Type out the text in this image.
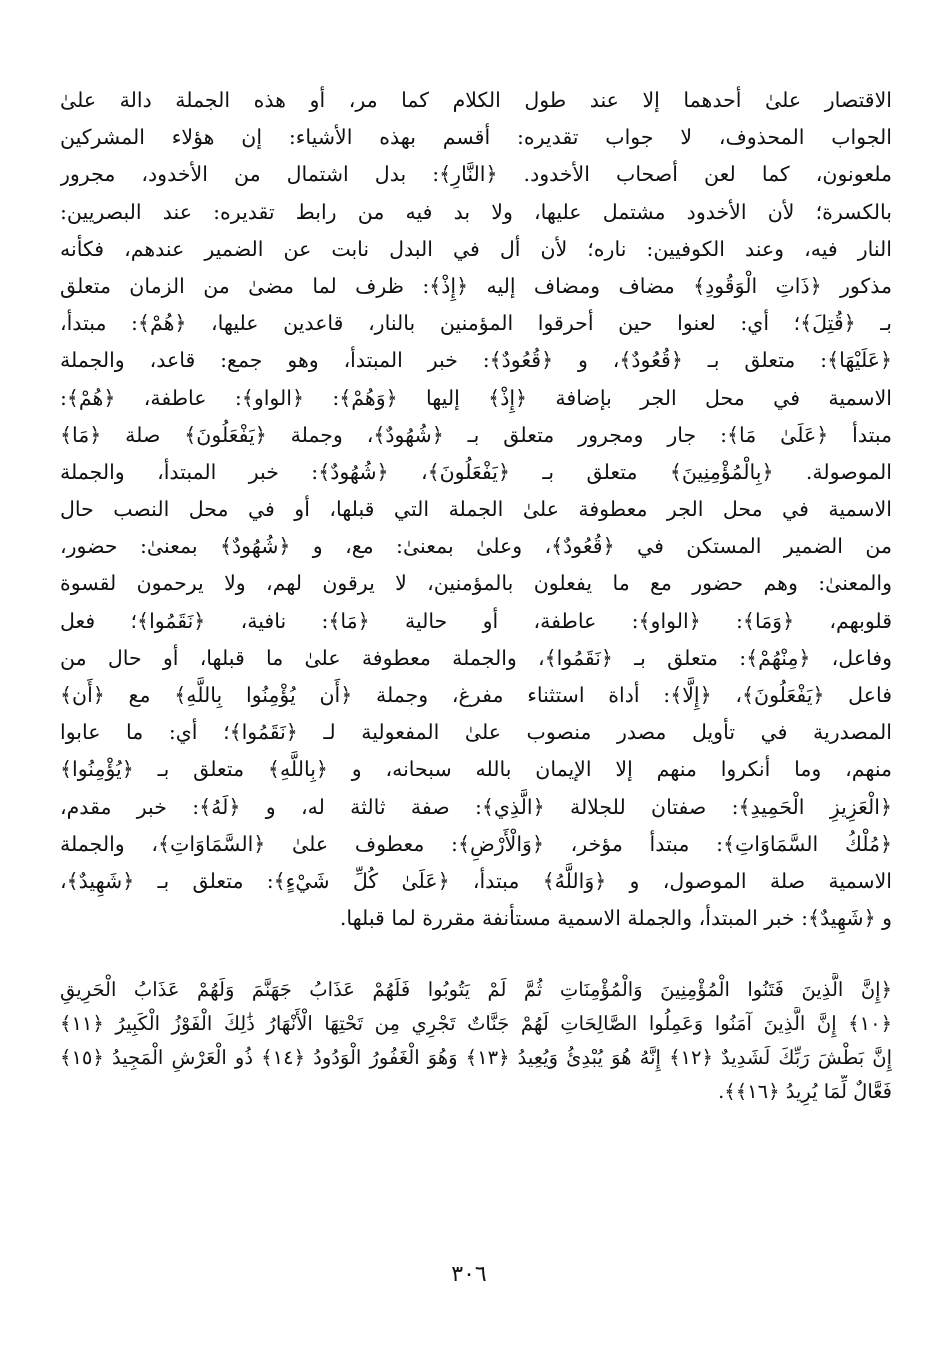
الاقتصار علىٰ أحدهما إلا عند طول الكلام كما مر، أو هذه الجملة دالة علىٰ
الجواب المحذوف، لا جواب تقديره: أقسم بهذه الأشياء: إن هؤلاء المشركين
ملعونون، كما لعن أصحاب الأخدود. ﴿النَّارِ﴾: بدل اشتمال من الأخدود، مجرور
بالكسرة؛ لأن الأخدود مشتمل عليها، ولا بد فيه من رابط تقديره: عند البصريين:
النار فيه، وعند الكوفيين: ناره؛ لأن أل في البدل نابت عن الضمير عندهم، فكأنه
مذكور ﴿ذَاتِ الْوَقُودِ﴾ مضاف ومضاف إليه ﴿إِذْ﴾: ظرف لما مضىٰ من الزمان متعلق
بـ ﴿قُتِلَ﴾؛ أي: لعنوا حين أحرقوا المؤمنين بالنار، قاعدين عليها، ﴿هُمْ﴾: مبتدأ،
﴿عَلَيْهَا﴾: متعلق بـ ﴿قُعُودٌ﴾، و ﴿قُعُودٌ﴾: خبر المبتدأ، وهو جمع: قاعد، والجملة
الاسمية في محل الجر بإضافة ﴿إِذْ﴾ إليها ﴿وَهُمْ﴾: ﴿الواو﴾: عاطفة، ﴿هُمْ﴾:
مبتدأ ﴿عَلَىٰ مَا﴾: جار ومجرور متعلق بـ ﴿شُهُودٌ﴾، وجملة ﴿يَفْعَلُونَ﴾ صلة ﴿مَا﴾
الموصولة. ﴿بِالْمُؤْمِنِينَ﴾ متعلق بـ ﴿يَفْعَلُونَ﴾، ﴿شُهُودٌ﴾: خبر المبتدأ، والجملة
الاسمية في محل الجر معطوفة علىٰ الجملة التي قبلها، أو في محل النصب حال
من الضمير المستكن في ﴿قُعُودٌ﴾، وعلىٰ بمعنىٰ: مع، و ﴿شُهُودٌ﴾ بمعنىٰ: حضور،
والمعنىٰ: وهم حضور مع ما يفعلون بالمؤمنين، لا يرقون لهم، ولا يرحمون لقسوة
قلوبهم، ﴿وَمَا﴾: ﴿الواو﴾: عاطفة، أو حالية ﴿مَا﴾: نافية، ﴿نَقَمُوا﴾؛ فعل
وفاعل، ﴿مِنْهُمْ﴾: متعلق بـ ﴿نَقَمُوا﴾، والجملة معطوفة علىٰ ما قبلها، أو حال من
فاعل ﴿يَفْعَلُونَ﴾، ﴿إِلَّا﴾: أداة استثناء مفرغ، وجملة ﴿أَن يُؤْمِنُوا بِاللَّهِ﴾ مع ﴿أَن﴾
المصدرية في تأويل مصدر منصوب علىٰ المفعولية لـ ﴿نَقَمُوا﴾؛ أي: ما عابوا
منهم، وما أنكروا منهم إلا الإيمان بالله سبحانه، و ﴿بِاللَّهِ﴾ متعلق بـ ﴿يُؤْمِنُوا﴾
﴿الْعَزِيزِ الْحَمِيدِ﴾: صفتان للجلالة ﴿الَّذِي﴾: صفة ثالثة له، و ﴿لَهُ﴾: خبر مقدم،
﴿مُلْكُ السَّمَاوَاتِ﴾: مبتدأ مؤخر، ﴿وَالْأَرْضِ﴾: معطوف علىٰ ﴿السَّمَاوَاتِ﴾، والجملة
الاسمية صلة الموصول، و ﴿وَاللَّهُ﴾ مبتدأ، ﴿عَلَىٰ كُلِّ شَيْءٍ﴾: متعلق بـ ﴿شَهِيدٌ﴾،
و ﴿شَهِيدٌ﴾: خبر المبتدأ، والجملة الاسمية مستأنفة مقررة لما قبلها.
﴿إِنَّ الَّذِينَ فَتَنُوا الْمُؤْمِنِينَ وَالْمُؤْمِنَاتِ ثُمَّ لَمْ يَتُوبُوا فَلَهُمْ عَذَابُ جَهَنَّمَ وَلَهُمْ عَذَابُ الْحَرِيقِ
﴿١٠﴾ إِنَّ الَّذِينَ آمَنُوا وَعَمِلُوا الصَّالِحَاتِ لَهُمْ جَنَّاتٌ تَجْرِي مِن تَحْتِهَا الْأَنْهَارُ ذَٰلِكَ الْفَوْزُ الْكَبِيرُ ﴿١١﴾
إِنَّ بَطْشَ رَبِّكَ لَشَدِيدٌ ﴿١٢﴾ إِنَّهُ هُوَ يُبْدِئُ وَيُعِيدُ ﴿١٣﴾ وَهُوَ الْغَفُورُ الْوَدُودُ ﴿١٤﴾ ذُو الْعَرْشِ الْمَجِيدُ ﴿١٥﴾
فَعَّالٌ لِّمَا يُرِيدُ ﴿١٦﴾﴾.
٣٠٦
